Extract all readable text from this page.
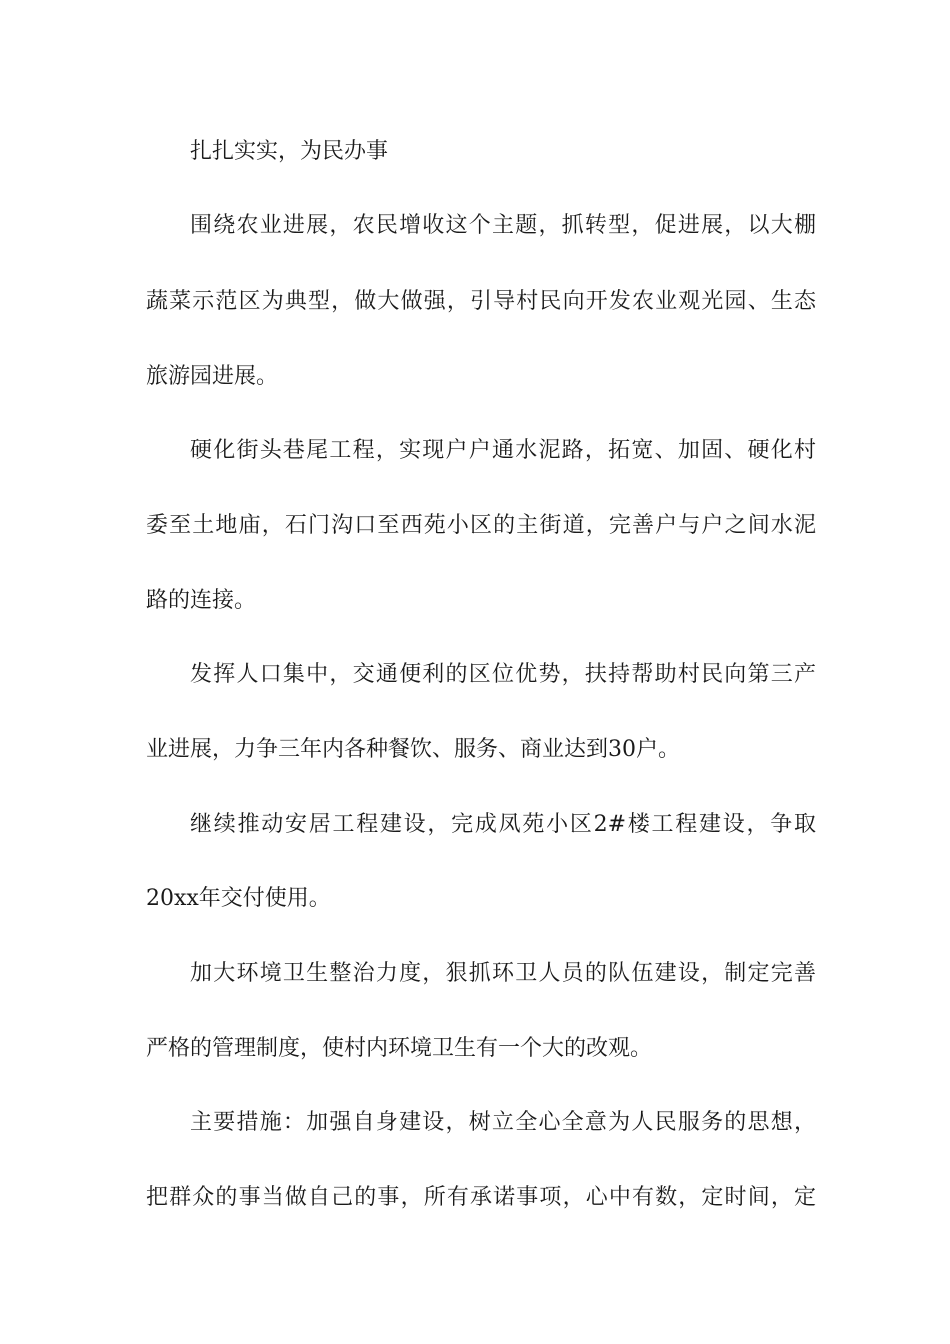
扎扎实实，为民办事
围绕农业进展，农民增收这个主题，抓转型，促进展，以大棚
蔬菜示范区为典型，做大做强，引导村民向开发农业观光园、生态
旅游园进展。
硬化街头巷尾工程，实现户户通水泥路，拓宽、加固、硬化村
委至土地庙，石门沟口至西苑小区的主街道，完善户与户之间水泥
路的连接。
发挥人口集中，交通便利的区位优势，扶持帮助村民向第三产
业进展，力争三年内各种餐饮、服务、商业达到30户。
继续推动安居工程建设，完成凤苑小区2#楼工程建设，争取
20xx年交付使用。
加大环境卫生整治力度，狠抓环卫人员的队伍建设，制定完善
严格的管理制度，使村内环境卫生有一个大的改观。
主要措施：加强自身建设，树立全心全意为人民服务的思想，
把群众的事当做自己的事，所有承诺事项，心中有数，定时间，定
